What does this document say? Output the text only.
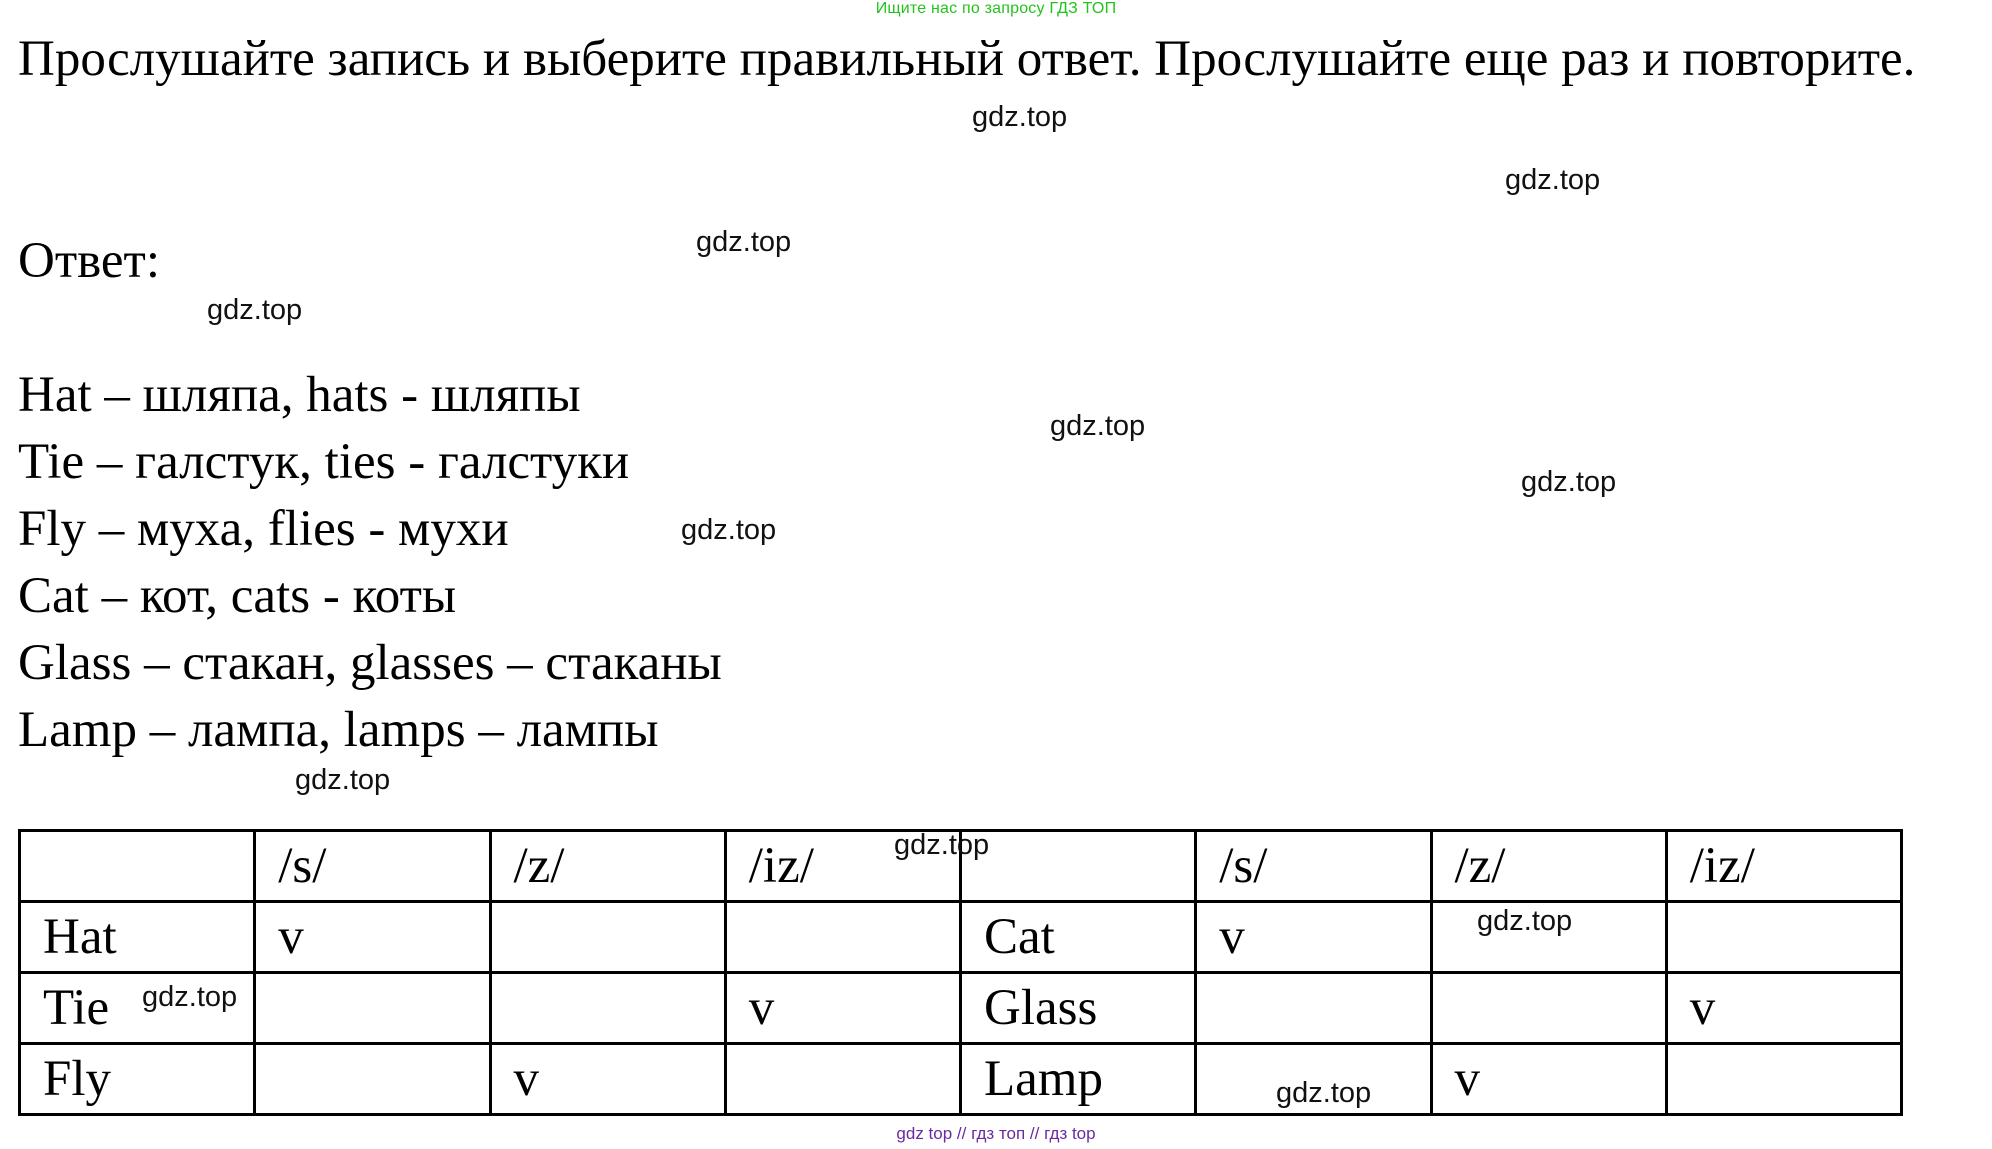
Ищите нас по запросу ГДЗ ТОП
Прослушайте запись и выберите правильный ответ. Прослушайте еще раз и повторите.
Ответ:
Hat – шляпа, hats - шляпы
Tie – галстук, ties - галстуки
Fly – муха, flies - мухи
Cat – кот, cats - коты
Glass – стакан, glasses – стаканы
Lamp – лампа, lamps – лампы
	/s/	/z/	/iz/		/s/	/z/	/iz/
Hat	v			Cat	v		
Tie			v	Glass			v
Fly		v		Lamp		v	
gdz.top
gdz.top
gdz.top
gdz.top
gdz.top
gdz.top
gdz.top
gdz.top
gdz.top
gdz.top
gdz.top
gdz.top
gdz top // гдз топ // гдз top
